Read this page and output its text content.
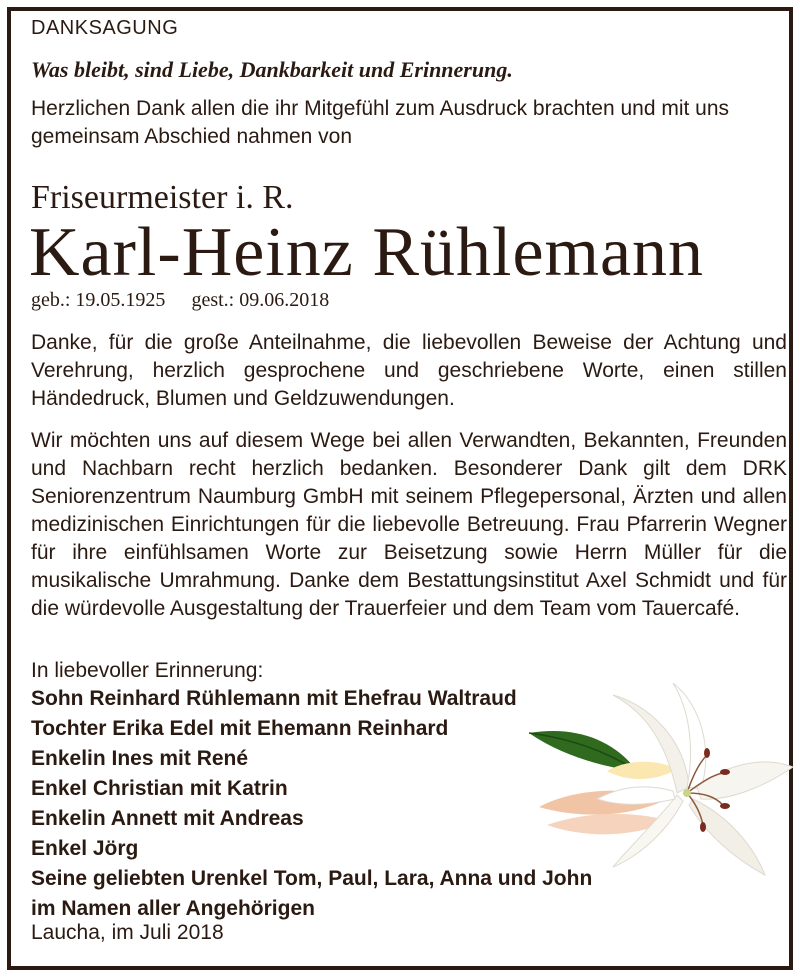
DANKSAGUNG
Was bleibt, sind Liebe, Dankbarkeit und Erinnerung.
Herzlichen Dank allen die ihr Mitgefühl zum Ausdruck brachten und mit uns gemeinsam Abschied nahmen von
Friseurmeister i. R.
Karl-Heinz Rühlemann
geb.: 19.05.1925 gest.: 09.06.2018
Danke, für die große Anteilnahme, die liebevollen Beweise der Achtung und Verehrung, herzlich gesprochene und geschriebene Worte, einen stillen Händedruck, Blumen und Geldzuwendungen.
Wir möchten uns auf diesem Wege bei allen Verwandten, Bekannten, Freunden und Nachbarn recht herzlich bedanken. Besonderer Dank gilt dem DRK Seniorenzentrum Naumburg GmbH mit seinem Pflegepersonal, Ärzten und allen medizinischen Einrichtungen für die liebevolle Betreuung. Frau Pfarrerin Wegner für ihre einfühlsamen Worte zur Beisetzung sowie Herrn Müller für die musikalische Umrahmung. Danke dem Bestattungsinstitut Axel Schmidt und für die würdevolle Ausgestaltung der Trauerfeier und dem Team vom Tauercafé.
In liebevoller Erinnerung:
Sohn Reinhard Rühlemann mit Ehefrau Waltraud
Tochter Erika Edel mit Ehemann Reinhard
Enkelin Ines mit René
Enkel Christian mit Katrin
Enkelin Annett mit Andreas
Enkel Jörg
Seine geliebten Urenkel Tom, Paul, Lara, Anna und John
im Namen aller Angehörigen
Laucha, im Juli 2018
